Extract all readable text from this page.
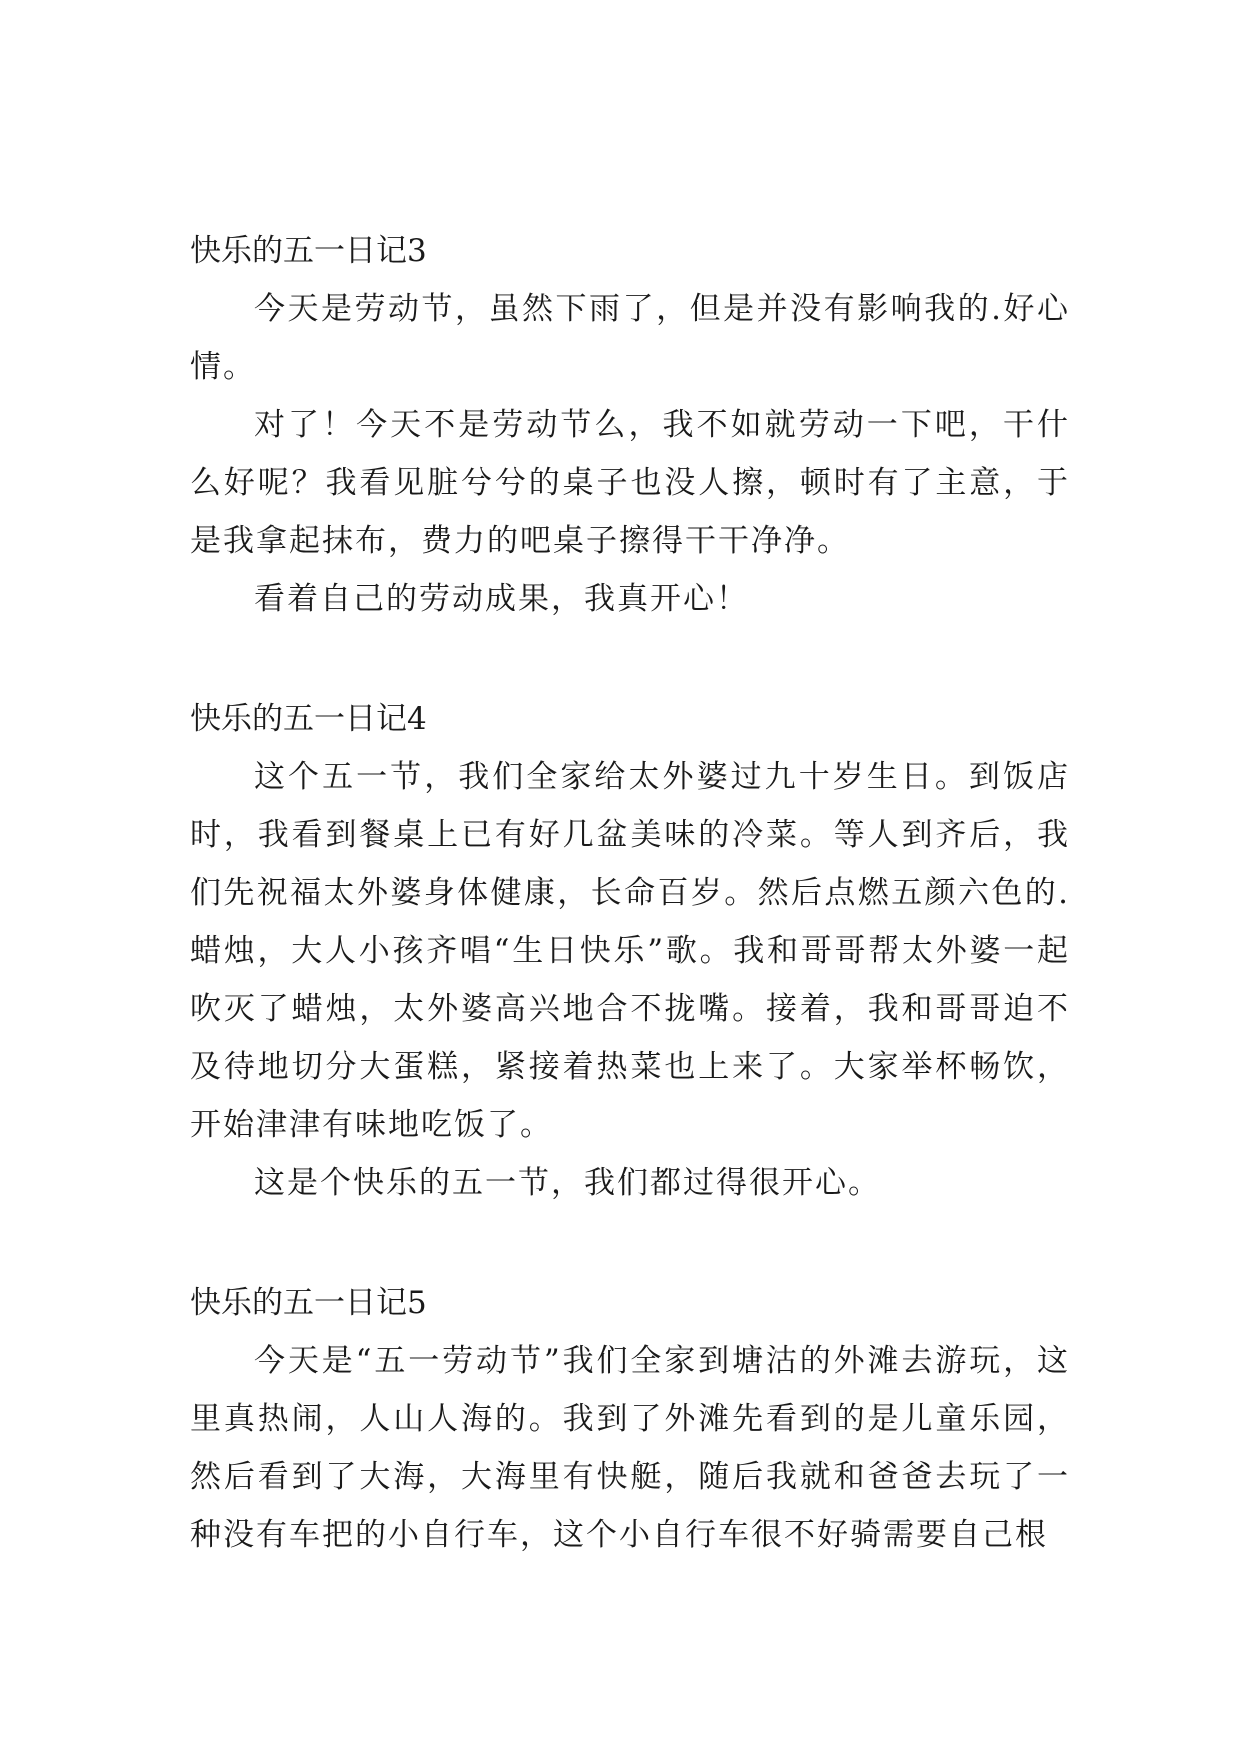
快乐的五一日记3

今天是劳动节，虽然下雨了，但是并没有影响我的.好心情。

对了！今天不是劳动节么，我不如就劳动一下吧，干什么好呢？我看见脏兮兮的桌子也没人擦，顿时有了主意，于是我拿起抹布，费力的吧桌子擦得干干净净。

看着自己的劳动成果，我真开心！

快乐的五一日记4

这个五一节，我们全家给太外婆过九十岁生日。到饭店时，我看到餐桌上已有好几盆美味的冷菜。等人到齐后，我们先祝福太外婆身体健康，长命百岁。然后点燃五颜六色的.蜡烛，大人小孩齐唱“生日快乐”歌。我和哥哥帮太外婆一起吹灭了蜡烛，太外婆高兴地合不拢嘴。接着，我和哥哥迫不及待地切分大蛋糕，紧接着热菜也上来了。大家举杯畅饮，开始津津有味地吃饭了。

这是个快乐的五一节，我们都过得很开心。

快乐的五一日记5

今天是“五一劳动节”我们全家到塘沽的外滩去游玩，这里真热闹，人山人海的。我到了外滩先看到的是儿童乐园，然后看到了大海，大海里有快艇，随后我就和爸爸去玩了一种没有车把的小自行车，这个小自行车很不好骑需要自己根
